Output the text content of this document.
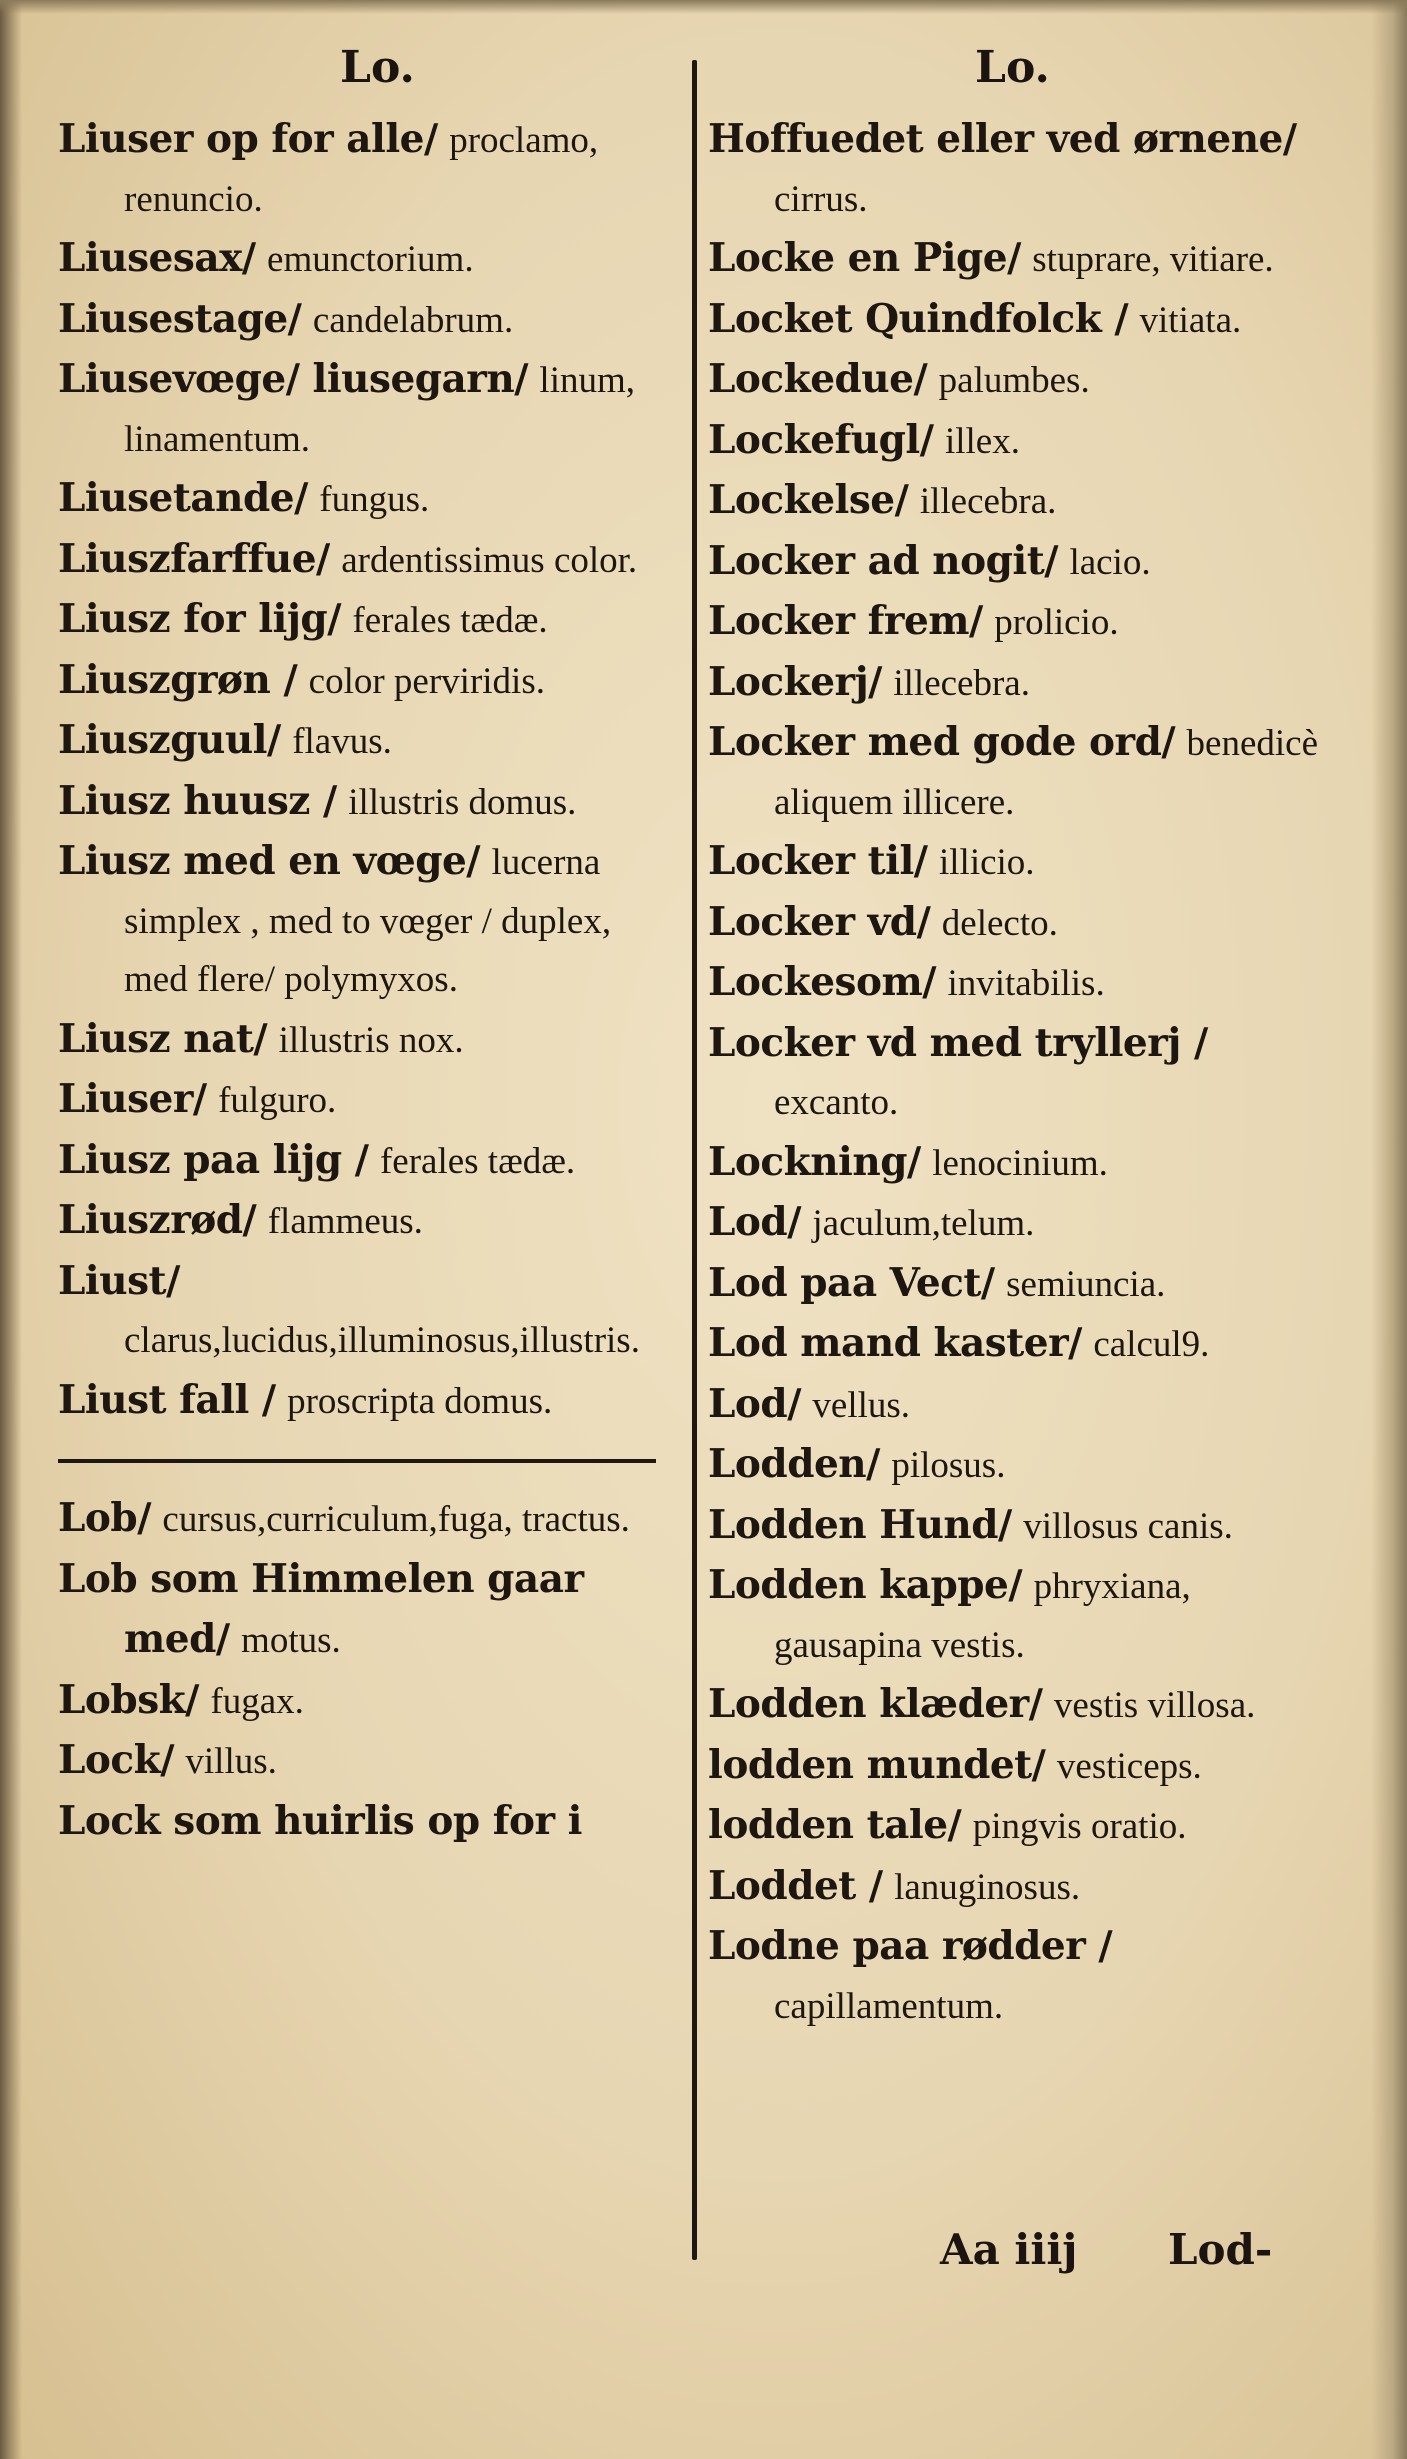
Lo.	Lo.

Liuser op for alle/ proclamo, renuncio.

Liusesax/ emunctorium.

Liusestage/ candelabrum.

Liusevœge/ liusegarn/ linum, linamentum.

Liusetande/ fungus.

Liuszfarffue/ ardentissimus color.

Liusz for lijg/ ferales tædæ.

Liuszgrøn / color perviridis.

Liuszguul/ flavus.

Liusz huusz / illustris domus.

Liusz med en vœge/ lucerna simplex , med to vœger / duplex, med flere/ polymyxos.

Liusz nat/ illustris nox.

Liuser/ fulguro.

Liusz paa lijg / ferales tædæ.

Liuszrød/ flammeus.

Liust/ clarus,lucidus,illuminosus,illustris.

Liust fall / proscripta domus.

Lob/ cursus,curriculum,fuga, tractus.

Lob som Himmelen gaar med/ motus.

Lobsk/ fugax.

Lock/ villus.

Lock som huirlis op for i

Hoffuedet eller ved ørnene/ cirrus.

Locke en Pige/ stuprare, vitiare.

Locket Quindfolck / vitiata.

Lockedue/ palumbes.

Lockefugl/ illex.

Lockelse/ illecebra.

Locker ad nogit/ lacio.

Locker frem/ prolicio.

Lockerj/ illecebra.

Locker med gode ord/ benedicè aliquem illicere.

Locker til/ illicio.

Locker vd/ delecto.

Lockesom/ invitabilis.

Locker vd med tryllerj / excanto.

Lockning/ lenocinium.

Lod/ jaculum,telum.

Lod paa Vect/ semiuncia.

Lod mand kaster/ calcul9.

Lod/ vellus.

Lodden/ pilosus.

Lodden Hund/ villosus canis.

Lodden kappe/ phryxiana, gausapina vestis.

Lodden klæder/ vestis villosa.

lodden mundet/ vesticeps.

lodden tale/ pingvis oratio.

Loddet / lanuginosus.

Lodne paa rødder / capillamentum.

Aa iiij Lod-
